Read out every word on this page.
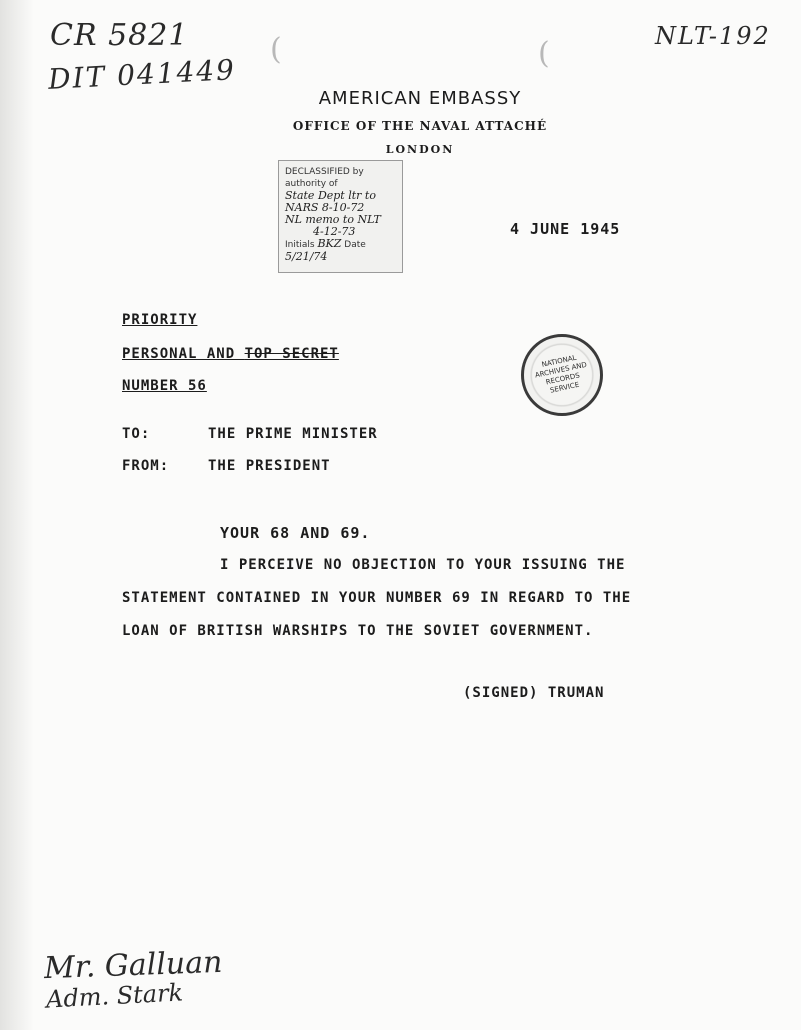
CR 5821
DIT 041449
NLT-192
(	(
AMERICAN EMBASSY
OFFICE OF THE NAVAL ATTACHÉ
LONDON
DECLASSIFIED by authority of
State Dept ltr to
NARS 8-10-72
NL memo to NLT
4-12-73
Initials BKZ Date 5/21/74
4 JUNE 1945
PRIORITY
PERSONAL AND TOP SECRET
NUMBER 56
NATIONAL ARCHIVES AND RECORDS SERVICE
TO:	THE PRIME MINISTER
FROM:	THE PRESIDENT
YOUR 68 AND 69.
I PERCEIVE NO OBJECTION TO YOUR ISSUING THE
STATEMENT CONTAINED IN YOUR NUMBER 69 IN REGARD TO THE
LOAN OF BRITISH WARSHIPS TO THE SOVIET GOVERNMENT.
(SIGNED) TRUMAN
Mr. Galluan
Adm. Stark
